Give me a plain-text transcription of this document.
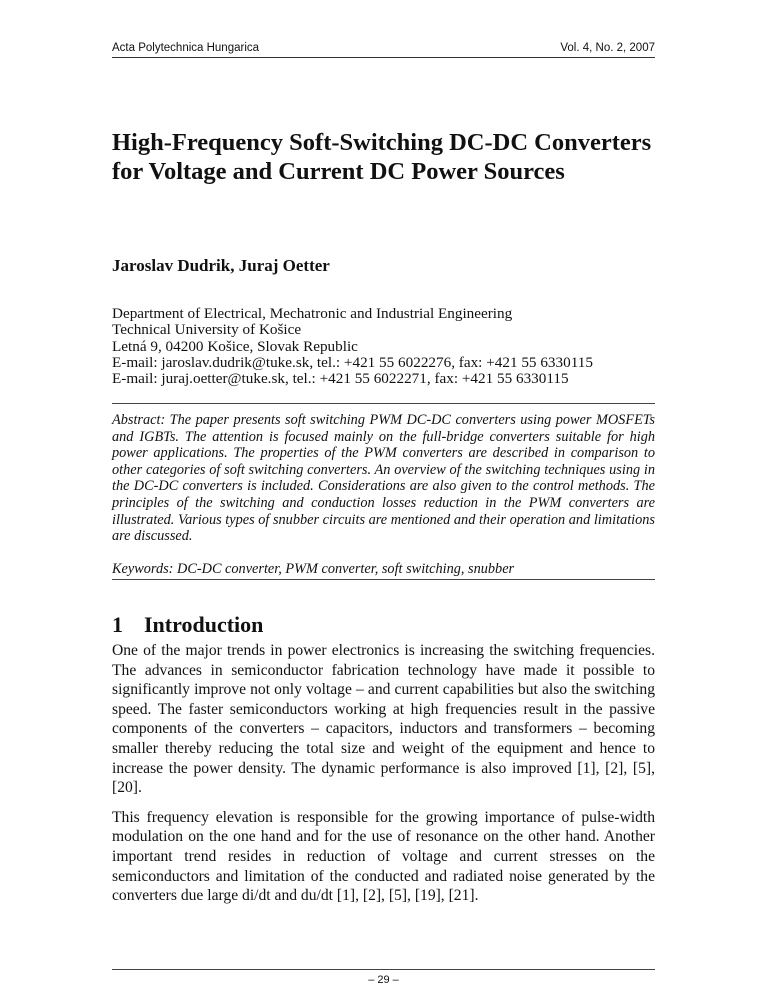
Acta Polytechnica Hungarica	Vol. 4, No. 2, 2007
High-Frequency Soft-Switching DC-DC Converters for Voltage and Current DC Power Sources
Jaroslav Dudrik, Juraj Oetter
Department of Electrical, Mechatronic and Industrial Engineering
Technical University of Košice
Letná 9, 04200 Košice, Slovak Republic
E-mail: jaroslav.dudrik@tuke.sk, tel.: +421 55 6022276, fax: +421 55 6330115
E-mail: juraj.oetter@tuke.sk, tel.: +421 55 6022271, fax: +421 55 6330115

Abstract: The paper presents soft switching PWM DC-DC converters using power MOSFETs and IGBTs. The attention is focused mainly on the full-bridge converters suitable for high power applications. The properties of the PWM converters are described in comparison to other categories of soft switching converters. An overview of the switching techniques using in the DC-DC converters is included. Considerations are also given to the control methods. The principles of the switching and conduction losses reduction in the PWM converters are illustrated. Various types of snubber circuits are mentioned and their operation and limitations are discussed.

Keywords: DC-DC converter, PWM converter, soft switching, snubber

1 Introduction

One of the major trends in power electronics is increasing the switching frequencies. The advances in semiconductor fabrication technology have made it possible to significantly improve not only voltage – and current capabilities but also the switching speed. The faster semiconductors working at high frequencies result in the passive components of the converters – capacitors, inductors and transformers – becoming smaller thereby reducing the total size and weight of the equipment and hence to increase the power density. The dynamic performance is also improved [1], [2], [5], [20].

This frequency elevation is responsible for the growing importance of pulse-width modulation on the one hand and for the use of resonance on the other hand. Another important trend resides in reduction of voltage and current stresses on the semiconductors and limitation of the conducted and radiated noise generated by the converters due large di/dt and du/dt [1], [2], [5], [19], [21].

– 29 –
